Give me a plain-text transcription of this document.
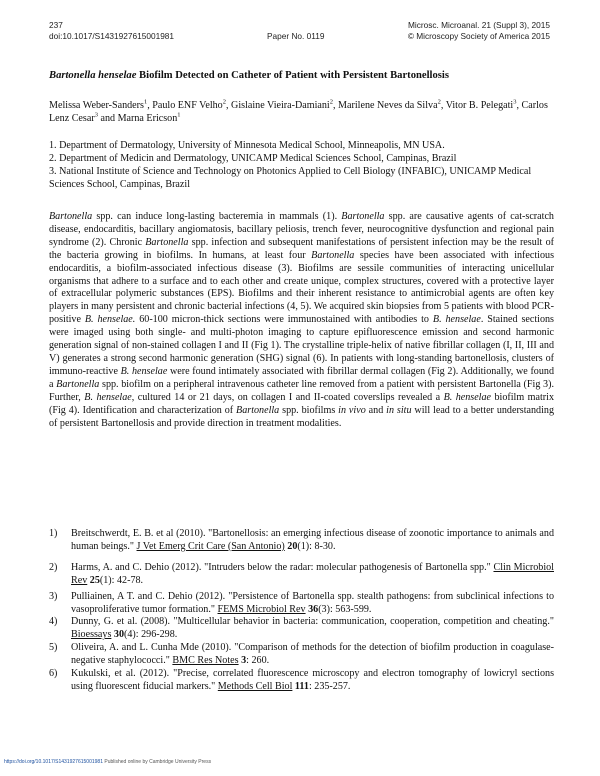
237
doi:10.1017/S1431927615001981	Paper No. 0119
Microsc. Microanal. 21 (Suppl 3), 2015
© Microscopy Society of America 2015
Bartonella henselae Biofilm Detected on Catheter of Patient with Persistent Bartonellosis
Melissa Weber-Sanders$^1$, Paulo ENF Velho$^2$, Gislaine Vieira-Damiani$^2$, Marilene Neves da Silva$^2$, Vitor B. Pelegati$^3$, Carlos Lenz Cesar$^3$ and Marna Ericson$^1$
1. Department of Dermatology, University of Minnesota Medical School, Minneapolis, MN USA.
2. Department of Medicin and Dermatology, UNICAMP Medical Sciences School, Campinas, Brazil
3. National Institute of Science and Technology on Photonics Applied to Cell Biology (INFABIC), UNICAMP Medical Sciences School, Campinas, Brazil
Bartonella spp. can induce long-lasting bacteremia in mammals (1). Bartonella spp. are causative agents of cat-scratch disease, endocarditis, bacillary angiomatosis, bacillary peliosis, trench fever, neurocognitive dysfunction and regional pain syndrome (2). Chronic Bartonella spp. infection and subsequent manifestations of persistent infection may be the result of the bacteria growing in biofilms. In humans, at least four Bartonella species have been associated with infectious endocarditis, a biofilm-associated infectious disease (3). Biofilms are sessile communities of interacting unicellular organisms that adhere to a surface and to each other and create unique, complex structures, covered with a protective layer of extracellular polymeric substances (EPS). Biofilms and their inherent resistance to antimicrobial agents are often key players in many persistent and chronic bacterial infections (4, 5). We acquired skin biopsies from 5 patients with blood PCR-positive B. henselae. 60-100 micron-thick sections were immunostained with antibodies to B. henselae. Stained sections were imaged using both single- and multi-photon imaging to capture epifluorescence emission and second harmonic generation signal of non-stained collagen I and II (Fig 1). The crystalline triple-helix of native fibrillar collagen (I, II, III and V) generates a strong second harmonic generation (SHG) signal (6). In patients with long-standing bartonellosis, clusters of immuno-reactive B. henselae were found intimately associated with fibrillar dermal collagen (Fig 2). Additionally, we found a Bartonella spp. biofilm on a peripheral intravenous catheter line removed from a patient with persistent Bartonella (Fig 3). Further, B. henselae, cultured 14 or 21 days, on collagen I and II-coated coverslips revealed a B. henselae biofilm matrix (Fig 4). Identification and characterization of Bartonella spp. biofilms in vivo and in situ will lead to a better understanding of persistent Bartonellosis and provide direction in treatment modalities.
1)	Breitschwerdt, E. B. et al (2010). "Bartonellosis: an emerging infectious disease of zoonotic importance to animals and human beings." J Vet Emerg Crit Care (San Antonio) 20(1): 8-30.
2)	Harms, A. and C. Dehio (2012). "Intruders below the radar: molecular pathogenesis of Bartonella spp." Clin Microbiol Rev 25(1): 42-78.
3)	Pulliainen, A T. and C. Dehio (2012). "Persistence of Bartonella spp. stealth pathogens: from subclinical infections to vasoproliferative tumor formation." FEMS Microbiol Rev 36(3): 563-599.
4)	Dunny, G. et al. (2008). "Multicellular behavior in bacteria: communication, cooperation, competition and cheating." Bioessays 30(4): 296-298.
5)	Oliveira, A. and L. Cunha Mde (2010). "Comparison of methods for the detection of biofilm production in coagulase-negative staphylococci." BMC Res Notes 3: 260.
6)	Kukulski, et al. (2012). "Precise, correlated fluorescence microscopy and electron tomography of lowicryl sections using fluorescent fiducial markers." Methods Cell Biol 111: 235-257.
https://doi.org/10.1017/S1431927615001981 Published online by Cambridge University Press
